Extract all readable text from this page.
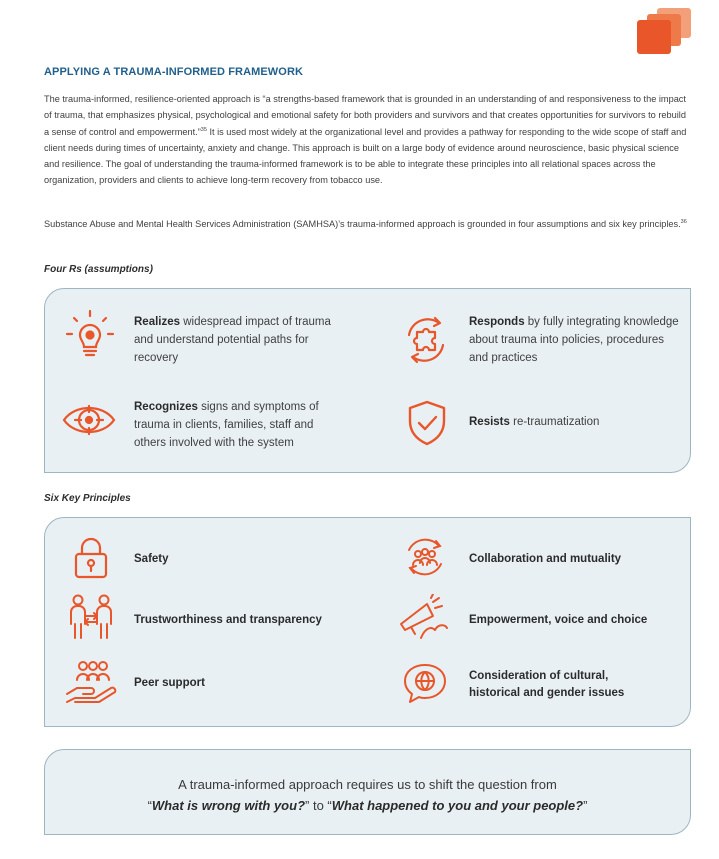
APPLYING A TRAUMA-INFORMED FRAMEWORK

The trauma-informed, resilience-oriented approach is “a strengths-based framework that is grounded in an understanding of and responsiveness to the impact of trauma, that emphasizes physical, psychological and emotional safety for both providers and survivors and that creates opportunities for survivors to rebuild a sense of control and empowerment.”$^{35}$ It is used most widely at the organizational level and provides a pathway for responding to the wide scope of staff and client needs during times of uncertainty, anxiety and change. This approach is built on a large body of evidence around neuroscience, basic physical science and resilience. The goal of understanding the trauma-informed framework is to be able to integrate these principles into all relational spaces across the organization, providers and clients to achieve long-term recovery from tobacco use.

Substance Abuse and Mental Health Services Administration (SAMHSA)’s trauma-informed approach is grounded in four assumptions and six key principles.$^{36}$

Four Rs (assumptions)
Realizes widespread impact of trauma and understand potential paths for recovery
Responds by fully integrating knowledge about trauma into policies, procedures and practices
Recognizes signs and symptoms of trauma in clients, families, staff and others involved with the system
Resists re-traumatization
Six Key Principles
Safety	Collaboration and mutuality
Trustworthiness and transparency	Empowerment, voice and choice
Peer support
Consideration of cultural,
historical and gender issues
A trauma-informed approach requires us to shift the question from
“What is wrong with you?” to “What happened to you and your people?”
